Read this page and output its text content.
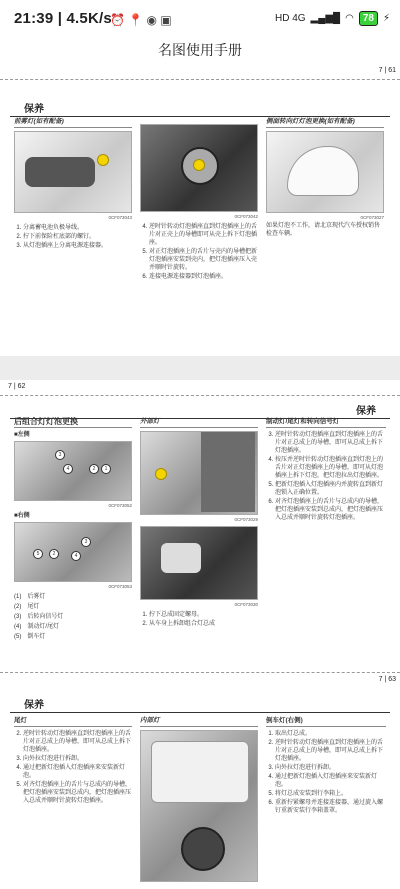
21:39 | 4.5K/s
⏰ 📍 ◉ ▣	HD 4G ▂▄▆█ ◠ 78 ⚡
名图使用手册
7 | 61
保养
前雾灯(如有配备)
0CF073043
1. 分离蓄电池负极导线。
2. 拧下前保险杠底部的螺钉。
3. 从灯泡插座上分离电源连接器。
0CF073042
4. 逆时针转动灯泡插座直到灯泡插座上的舌片对正壳上的导槽即可从壳上拆下灯泡插座。
5. 对正灯泡插座上的舌片与壳内的导槽把新灯泡插座安装到壳内，把灯泡插座压入壳并顺时针旋转。
6. 连接电源连接器到灯泡插座。
侧面转向灯灯泡更换(如有配备)
0CF073027
如果灯泡不工作，请北京现代汽车授权销售检查车辆。
7 | 62
保养
后组合灯灯泡更换
■左侧
3
4	2	1
0CF073052
■右侧
5	2	4
3
0CF073053
(1)　后雾灯
(2)　尾灯
(3)　后转向信号灯
(4)　制动灯/尾灯
(5)　倒车灯
外部灯
0CF073029
0CF073030
1. 拧下总成固定螺母。
2. 从车身上拆卸组合灯总成
制动灯/尾灯和转向信号灯
3. 逆时针转动灯泡插座直到灯泡插座上的舌片对正总成上的导槽，即可从总成上拆下灯泡插座。
4. 按压并逆时针转动灯泡插座直到灯泡上的舌片对正灯泡插座上的导槽，即可从灯泡插座上拆下灯泡，把灯泡拉出灯泡插座。
5. 把新灯泡插入灯泡插座内并旋转直到新灯泡锁入正确位置。
6. 对齐灯泡插座上的舌片与总成内的导槽，把灯泡插座安装到总成内，把灯泡插座压入总成并顺时针旋转灯泡插座。
7 | 63
保养
尾灯
2. 逆时针转动灯泡插座直到灯泡插座上的舌片对正总成上的导槽，即可从总成上拆下灯泡插座。
3. 向外拉灯泡进行拆卸。
4. 通过把新灯泡插入灯泡插座来安装新灯泡。
5. 对齐灯泡插座上的舌片与总成内的导槽，把灯泡插座安装到总成内，把灯泡插座压入总成并顺时针旋转灯泡插座。
内部灯	倒车灯(右侧)
1. 取出灯总成。
2. 逆时针转动灯泡插座直到灯泡插座上的舌片对正总成上的导槽，即可从总成上拆下灯泡插座。
3. 向外拉灯泡进行拆卸。
4. 通过把新灯泡插入灯泡插座来安装新灯泡。
5. 将灯总成安装到行李箱上。
6. 重新拧紧螺母并连接连接器，通过旋入螺钉重新安装行李箱盖罩。
